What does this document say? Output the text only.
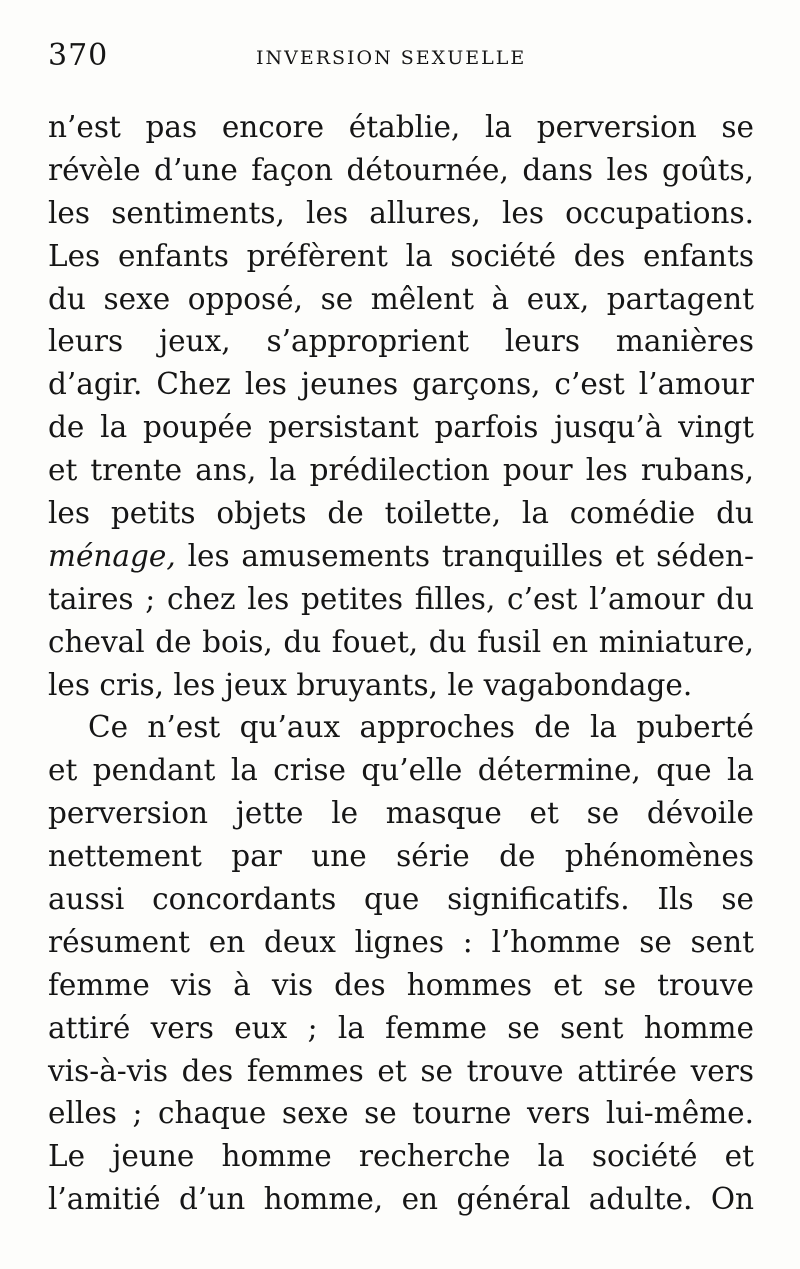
370	INVERSION SEXUELLE
n’est pas encore établie, la perversion se
révèle d’une façon détournée, dans les goûts,
les sentiments, les allures, les occupations.
Les enfants préfèrent la société des enfants
du sexe opposé, se mêlent à eux, partagent
leurs jeux, s’approprient leurs manières
d’agir. Chez les jeunes garçons, c’est l’amour
de la poupée persistant parfois jusqu’à vingt
et trente ans, la prédilection pour les rubans,
les petits objets de toilette, la comédie du
ménage, les amusements tranquilles et séden-
taires ; chez les petites filles, c’est l’amour du
cheval de bois, du fouet, du fusil en miniature,
les cris, les jeux bruyants, le vagabondage.
Ce n’est qu’aux approches de la puberté
et pendant la crise qu’elle détermine, que la
perversion jette le masque et se dévoile
nettement par une série de phénomènes
aussi concordants que significatifs. Ils se
résument en deux lignes : l’homme se sent
femme vis à vis des hommes et se trouve
attiré vers eux ; la femme se sent homme
vis-à-vis des femmes et se trouve attirée vers
elles ; chaque sexe se tourne vers lui-même.
Le jeune homme recherche la société et
l’amitié d’un homme, en général adulte. On
